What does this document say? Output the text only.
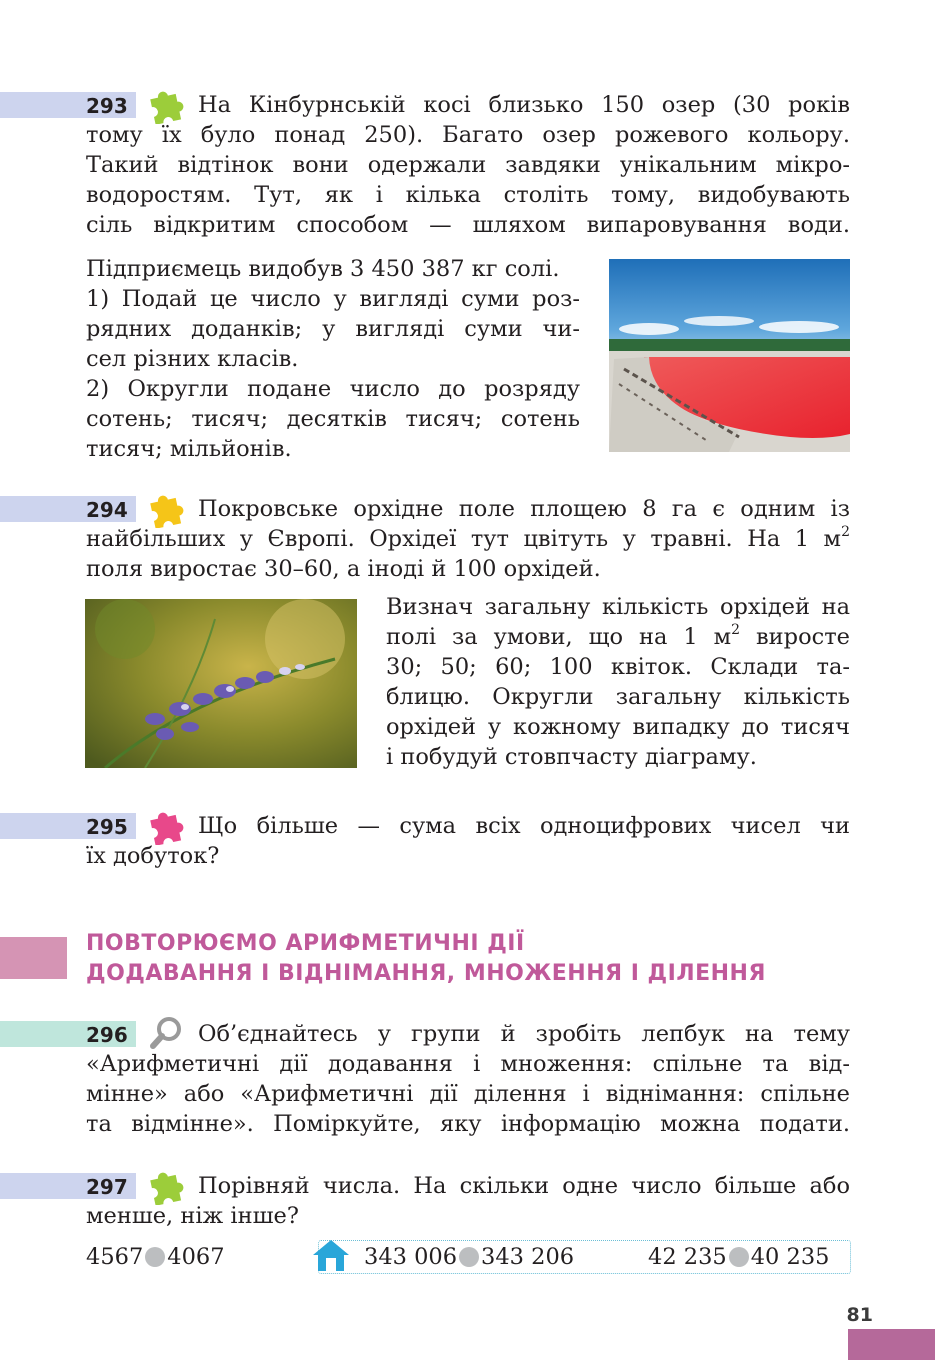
293	На Кінбурнській косі близько 150 озер (30 років
тому їх було понад 250). Багато озер рожевого кольору.
Такий відтінок вони одержали завдяки унікальним мікро-
водоростям. Тут, як і кілька століть тому, видобувають
сіль відкритим способом — шляхом випаровування води.
Підприємець видобув 3 450 387 кг солі.
1) Подай це число у вигляді суми роз-
рядних доданків; у вигляді суми чи-
сел різних класів.
2) Округли подане число до розряду
сотень; тисяч; десятків тисяч; сотень
тисяч; мільйонів.
294	Покровське орхідне поле площею 8 га є одним із
найбільших у Європі. Орхідеї тут цвітуть у травні. На 1 $м^2$
поля виростає 30–60, а іноді й 100 орхідей.
Визнач загальну кількість орхідей на
полі за умови, що на 1 $м^2$ виросте
30; 50; 60; 100 квіток. Склади та-
блицю. Округли загальну кількість
орхідей у кожному випадку до тисяч
і побудуй стовпчасту діаграму.
295	Що більше — сума всіх одноцифрових чисел чи
їх добуток?
ПОВТОРЮЄМО АРИФМЕТИЧНІ ДІЇ
ДОДАВАННЯ І ВІДНІМАННЯ, МНОЖЕННЯ І ДІЛЕННЯ
296	Об’єднайтесь у групи й зробіть лепбук на тему
«Арифметичні дії додавання і множення: спільне та від-
мінне» або «Арифметичні дії ділення і віднімання: спільне
та відмінне». Поміркуйте, яку інформацію можна подати.
297	Порівняй числа. На скільки одне число більше або
менше, ніж інше?
4567 4067	343 006 343 206	42 235 40 235
81
